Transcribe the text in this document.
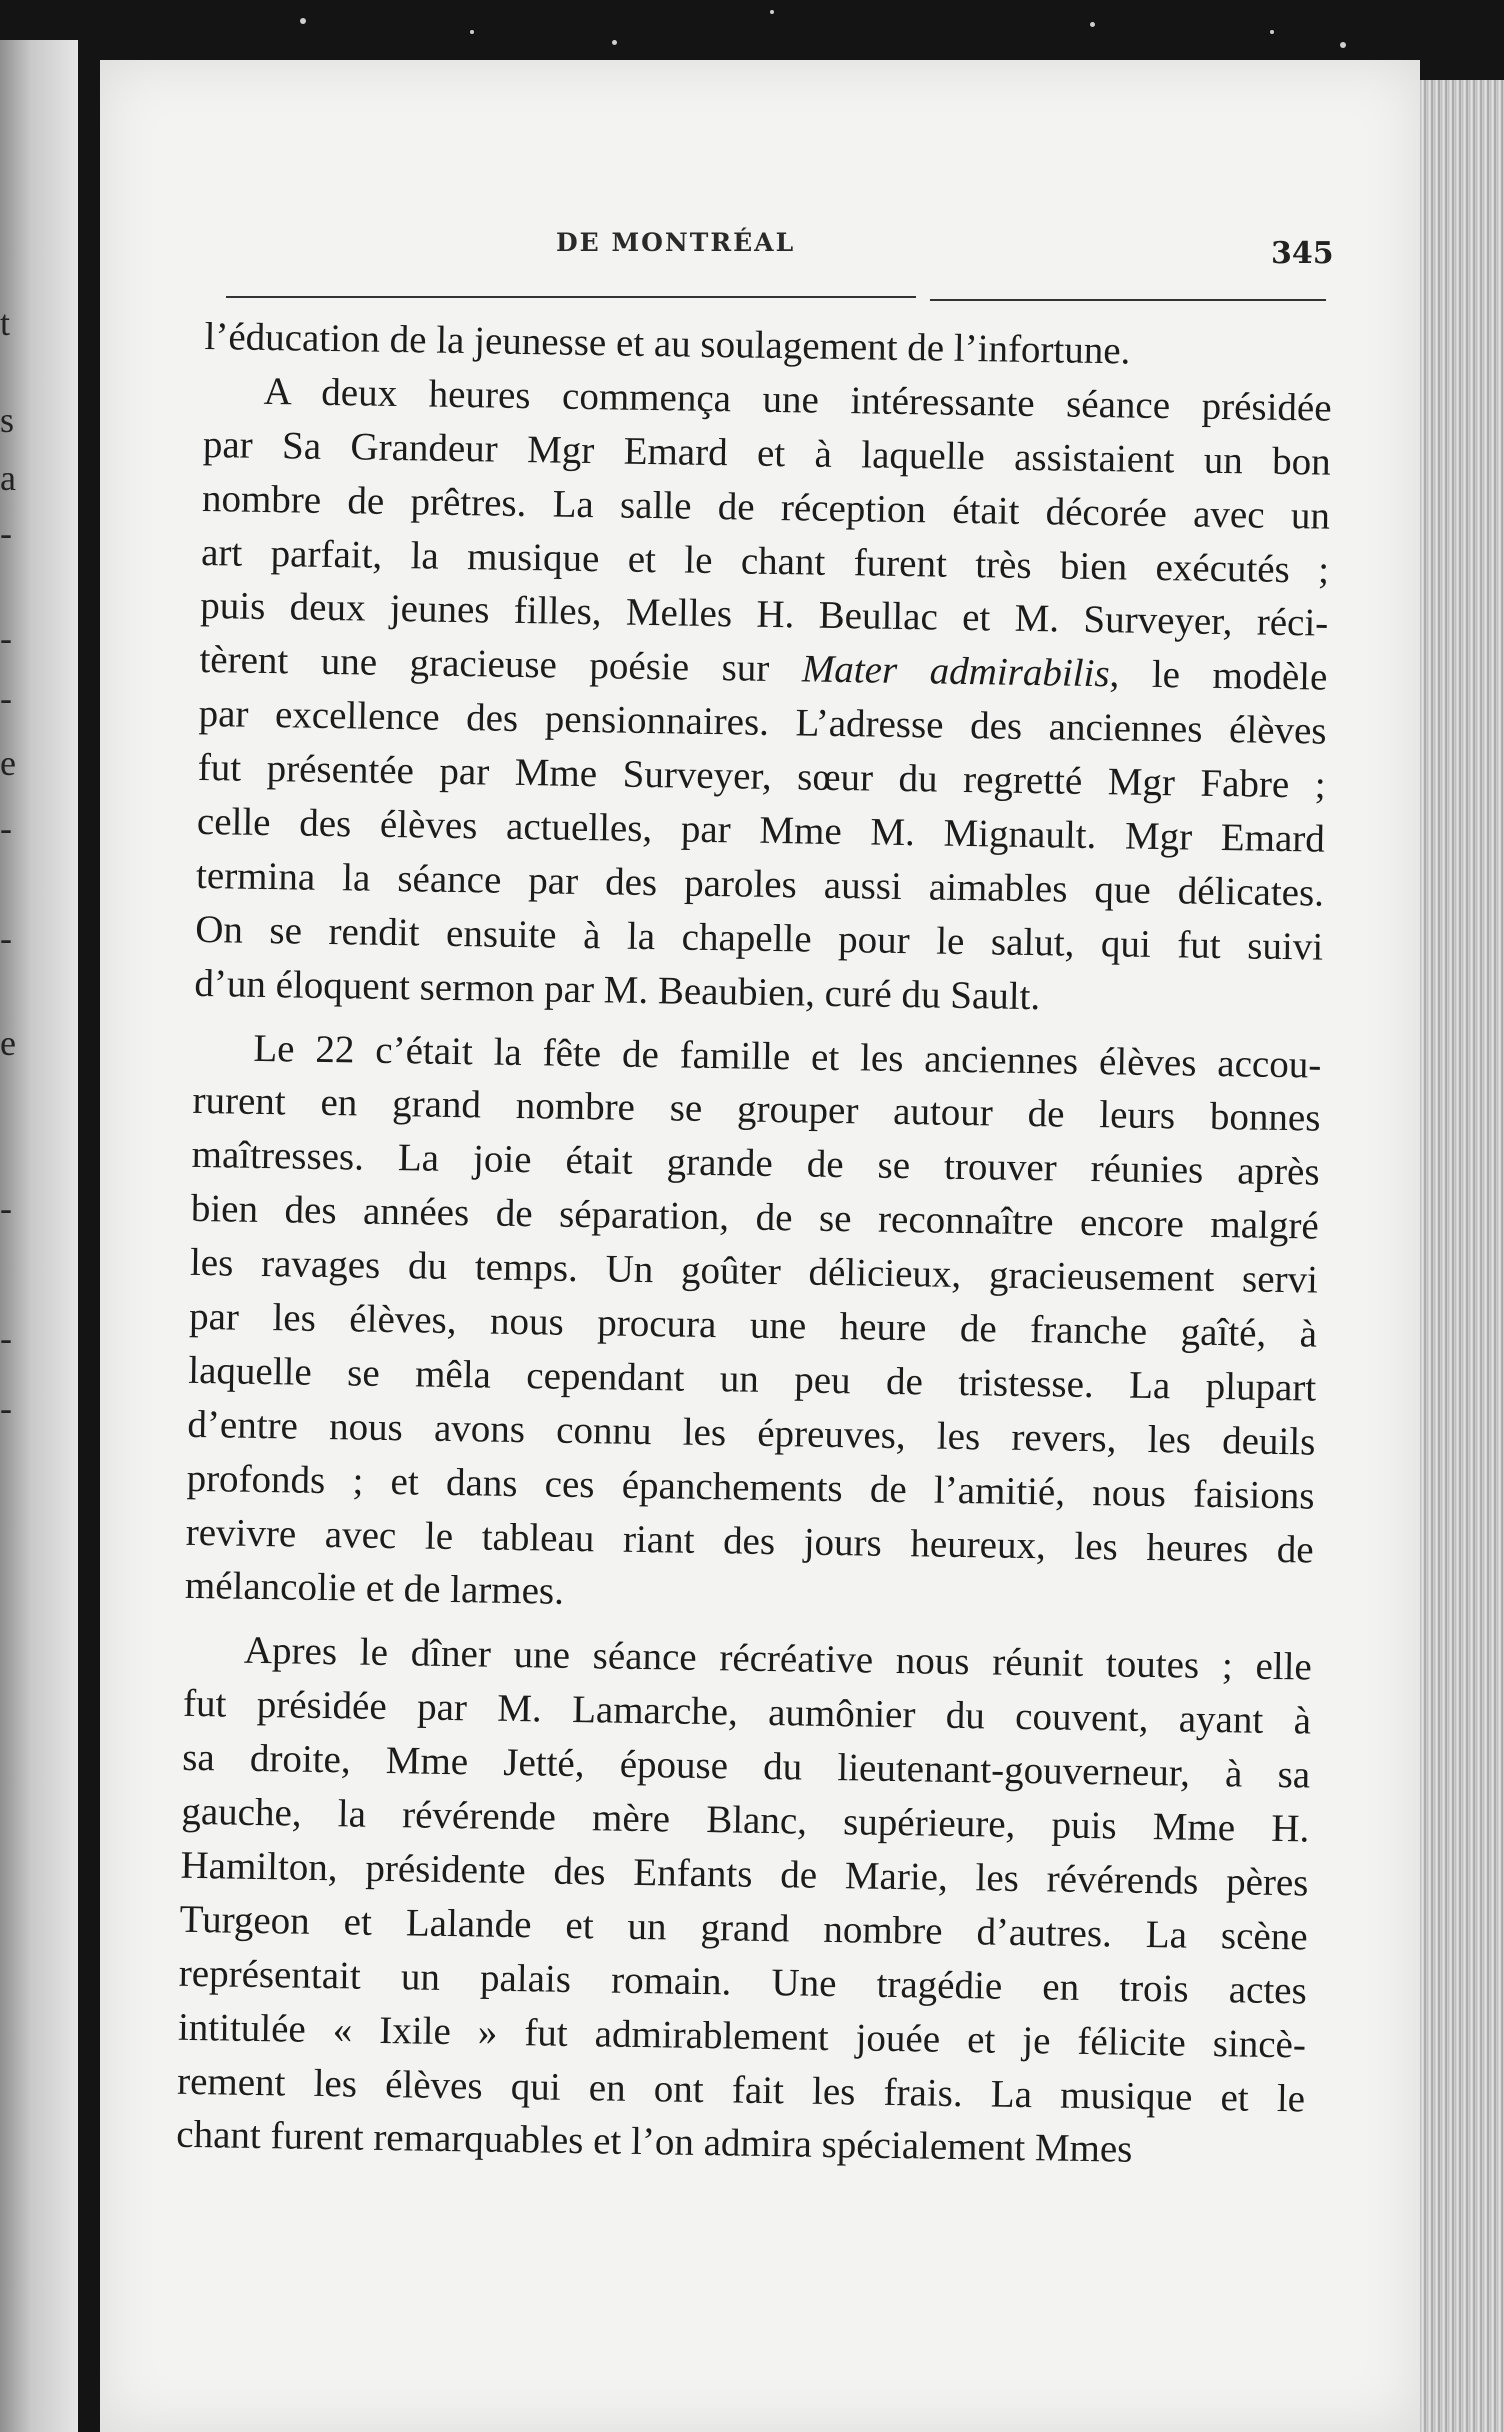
t
s
a
-
-
-
e
-
-
e
-
-
-
DE MONTRÉAL	345
l’éducation de la jeunesse et au soulagement de l’infortune.
A deux heures commença une intéressante séance présidée
par Sa Grandeur Mgr Emard et à laquelle assistaient un bon
nombre de prêtres. La salle de réception était décorée avec un
art parfait, la musique et le chant furent très bien exécutés ;
puis deux jeunes filles, Melles H. Beullac et M. Surveyer, réci-
tèrent une gracieuse poésie sur Mater admirabilis, le modèle
par excellence des pensionnaires. L’adresse des anciennes élèves
fut présentée par Mme Surveyer, sœur du regretté Mgr Fabre ;
celle des élèves actuelles, par Mme M. Mignault. Mgr Emard
termina la séance par des paroles aussi aimables que délicates.
On se rendit ensuite à la chapelle pour le salut, qui fut suivi
d’un éloquent sermon par M. Beaubien, curé du Sault.
Le 22 c’était la fête de famille et les anciennes élèves accou-
rurent en grand nombre se grouper autour de leurs bonnes
maîtresses. La joie était grande de se trouver réunies après
bien des années de séparation, de se reconnaître encore malgré
les ravages du temps. Un goûter délicieux, gracieusement servi
par les élèves, nous procura une heure de franche gaîté, à
laquelle se mêla cependant un peu de tristesse. La plupart
d’entre nous avons connu les épreuves, les revers, les deuils
profonds ; et dans ces épanchements de l’amitié, nous faisions
revivre avec le tableau riant des jours heureux, les heures de
mélancolie et de larmes.
Apres le dîner une séance récréative nous réunit toutes ; elle
fut présidée par M. Lamarche, aumônier du couvent, ayant à
sa droite, Mme Jetté, épouse du lieutenant-gouverneur, à sa
gauche, la révérende mère Blanc, supérieure, puis Mme H.
Hamilton, présidente des Enfants de Marie, les révérends pères
Turgeon et Lalande et un grand nombre d’autres. La scène
représentait un palais romain. Une tragédie en trois actes
intitulée « Ixile » fut admirablement jouée et je félicite sincè-
rement les élèves qui en ont fait les frais. La musique et le
chant furent remarquables et l’on admira spécialement Mmes
